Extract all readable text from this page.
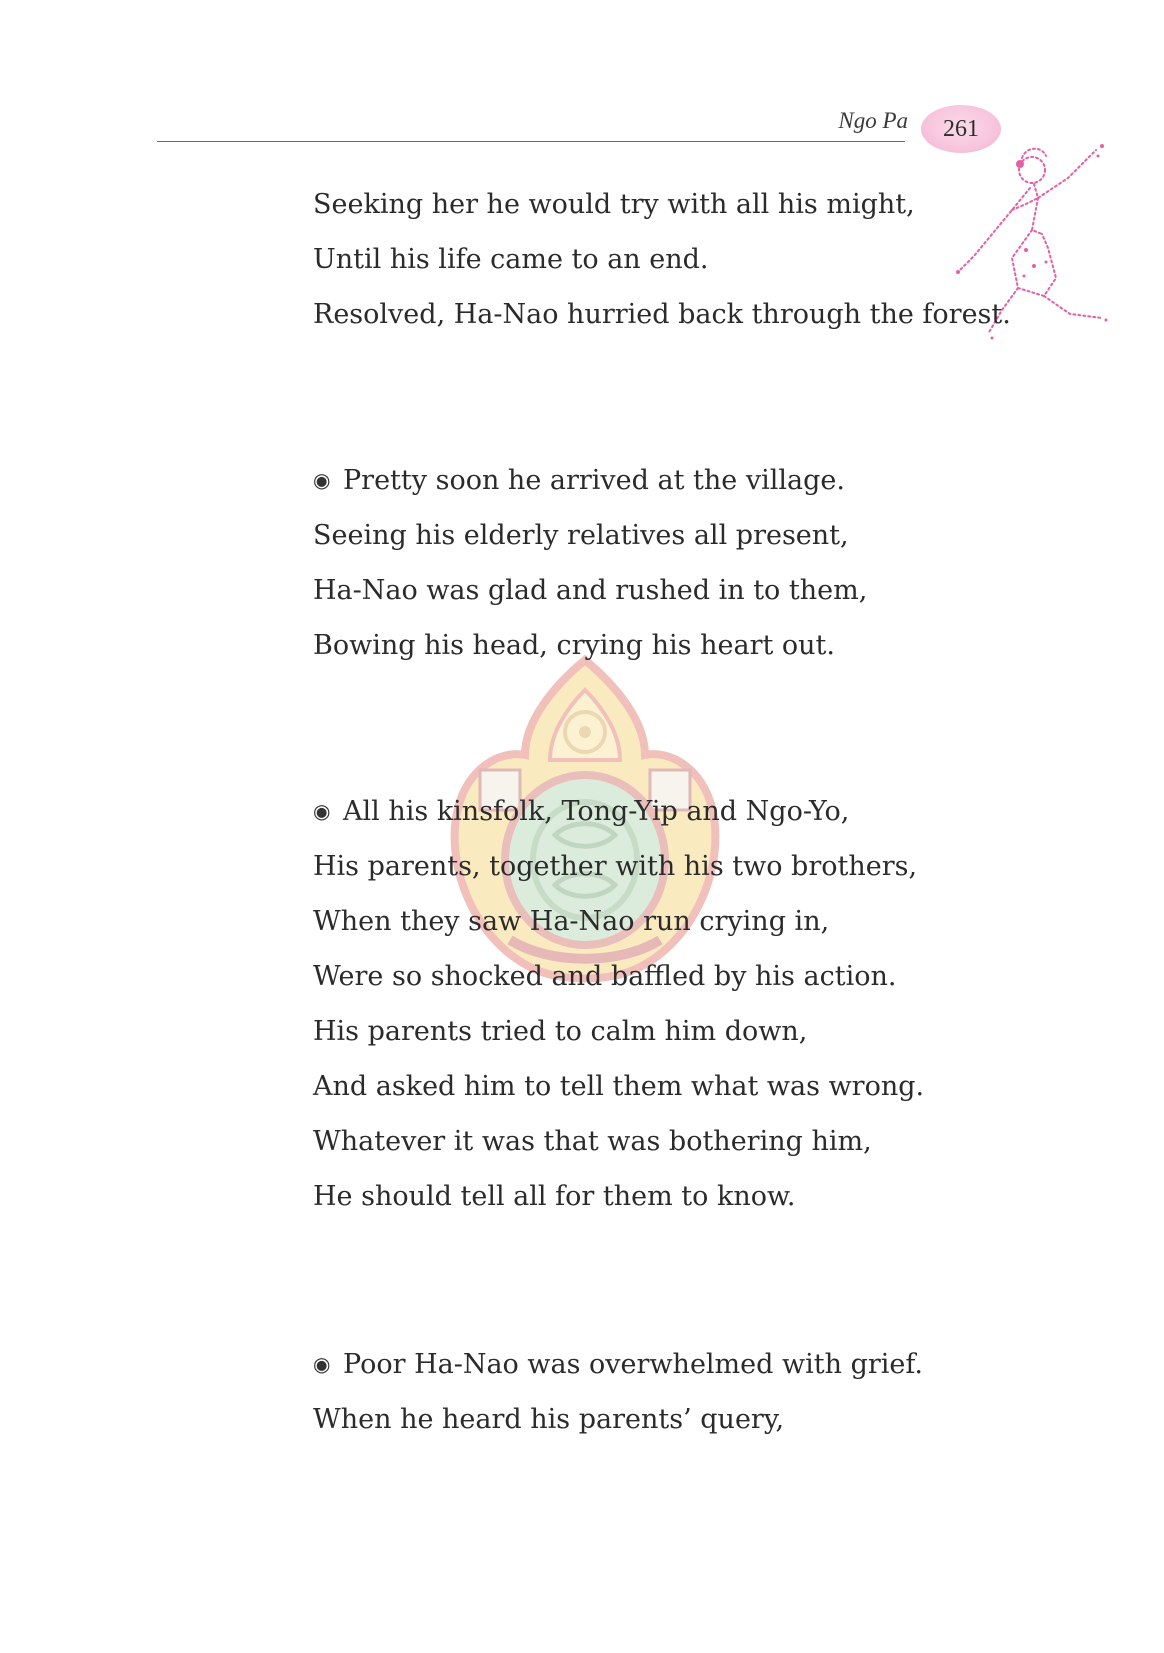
Ngo Pa 261
Seeking her he would try with all his might,
Until his life came to an end.
Resolved, Ha-Nao hurried back through the forest.
◉ Pretty soon he arrived at the village.
Seeing his elderly relatives all present,
Ha-Nao was glad and rushed in to them,
Bowing his head, crying his heart out.
◉ All his kinsfolk, Tong-Yip and Ngo-Yo,
His parents, together with his two brothers,
When they saw Ha-Nao run crying in,
Were so shocked and baffled by his action.
His parents tried to calm him down,
And asked him to tell them what was wrong.
Whatever it was that was bothering him,
He should tell all for them to know.
◉ Poor Ha-Nao was overwhelmed with grief.
When he heard his parents’ query,
